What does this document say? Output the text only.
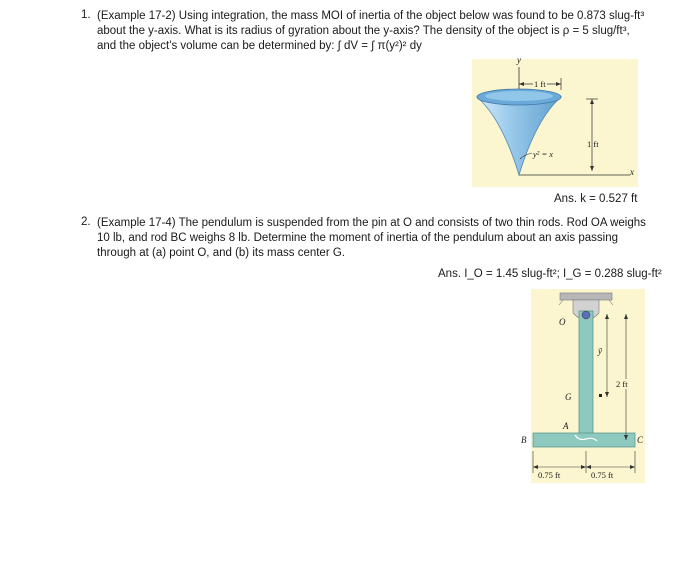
1. (Example 17-2) Using integration, the mass MOI of inertia of the object below was found to be 0.873 slug-ft³
about the y-axis. What is its radius of gyration about the y-axis? The density of the object is ρ = 5 slug/ft³,
and the object's volume can be determined by: ∫ dV = ∫ π(y²)² dy
y
x
1 ft
1 ft
y² = x
Ans. k = 0.527 ft
2. (Example 17-4) The pendulum is suspended from the pin at O and consists of two thin rods. Rod OA weighs
10 lb, and rod BC weighs 8 lb. Determine the moment of inertia of the pendulum about an axis passing
through at (a) point O, and (b) its mass center G.
Ans. I_O = 1.45 slug-ft²; I_G = 0.288 slug-ft²
O
ȳ
G
A
B	C
2 ft
0.75 ft	0.75 ft
